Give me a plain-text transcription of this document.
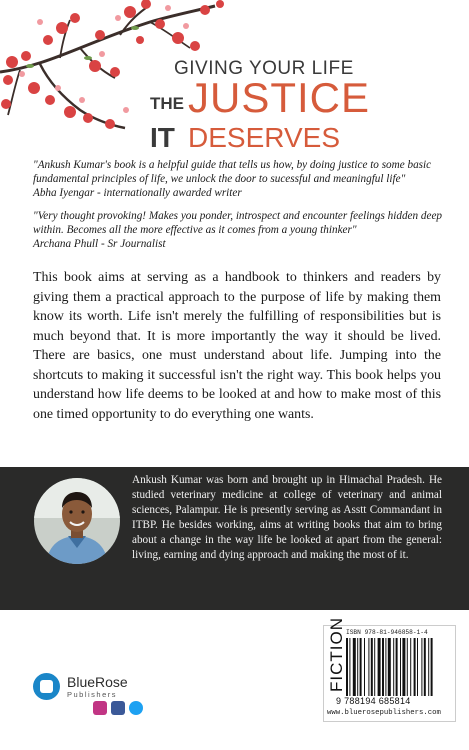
GIVING YOUR LIFE
THE JUSTICE
IT DESERVES
"Ankush Kumar's book is a helpful guide that tells us how, by doing justice to some basic fundamental principles of life, we unlock the door to sucessful and meaningful life"
Abha Iyengar - internationally awarded writer
"Very thought provoking! Makes you ponder, introspect and encounter feelings hidden deep within. Becomes all the more effective as it comes from a young thinker"
Archana Phull - Sr Journalist
This book aims at serving as a handbook to thinkers and readers by giving them a practical approach to the purpose of life by making them know its worth. Life isn't merely the fulfilling of responsibilities but is much beyond that. It is more importantly the way it should be lived. There are basics, one must understand about life. Jumping into the shortcuts to making it successful isn't the right way. This book helps you understand how life deems to be looked at and how to make most of this one timed opportunity to do everything one wants.
Ankush Kumar was born and brought up in Himachal Pradesh. He studied veterinary medicine at college of veterinary and animal sciences, Palampur. He is presently serving as Asstt Commandant in ITBP. He besides working, aims at writing books that aim to bring about a change in the way life be looked at apart from the general: living, earning and dying approach and making the most of it.
BlueRose
Publishers
FICTION ISBN 978-81-946858-1-4
9 788194 685814
www.bluerosepublishers.com
